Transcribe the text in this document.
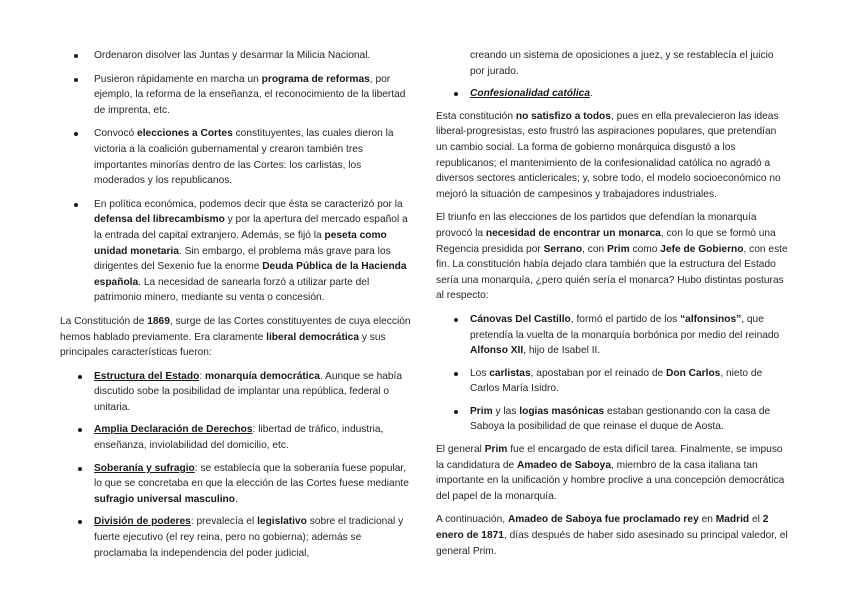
Ordenaron disolver las Juntas y desarmar la Milicia Nacional.
Pusieron rápidamente en marcha un programa de reformas, por ejemplo, la reforma de la enseñanza, el reconocimiento de la libertad de imprenta, etc.
Convocó elecciones a Cortes constituyentes, las cuales dieron la victoria a la coalición gubernamental y crearon también tres importantes minorías dentro de las Cortes: los carlistas, los moderados y los republicanos.
En política económica, podemos decir que ésta se caracterizó por la defensa del librecambismo y por la apertura del mercado español a la entrada del capital extranjero. Además, se fijó la peseta como unidad monetaria. Sin embargo, el problema más grave para los dirigentes del Sexenio fue la enorme Deuda Pública de la Hacienda española. La necesidad de sanearla forzó a utilizar parte del patrimonio minero, mediante su venta o concesión.

La Constitución de 1869, surge de las Cortes constituyentes de cuya elección hemos hablado previamente. Era claramente liberal democrática y sus principales características fueron:

Estructura del Estado: monarquía democrática. Aunque se había discutido sobe la posibilidad de implantar una república, federal o unitaria.
Amplia Declaración de Derechos: libertad de tráfico, industria, enseñanza, inviolabilidad del domicilio, etc.
Soberanía y sufragio: se establecía que la soberanía fuese popular, lo que se concretaba en que la elección de las Cortes fuese mediante sufragio universal masculino.
División de poderes: prevalecía el legislativo sobre el tradicional y fuerte ejecutivo (el rey reina, pero no gobierna); además se proclamaba la independencia del poder judicial,
creando un sistema de oposiciones a juez, y se restablecía el juicio por jurado.
Confesionalidad católica.

Esta constitución no satisfizo a todos, pues en ella prevalecieron las ideas liberal-progresistas, esto frustró las aspiraciones populares, que pretendían un cambio social. La forma de gobierno monárquica disgustó a los republicanos; el mantenimiento de la confesionalidad católica no agradó a diversos sectores anticlericales; y, sobre todo, el modelo socioeconómico no mejoró la situación de campesinos y trabajadores industriales.

El triunfo en las elecciones de los partidos que defendían la monarquía provocó la necesidad de encontrar un monarca, con lo que se formó una Regencia presidida por Serrano, con Prim como Jefe de Gobierno, con este fin. La constitución había dejado clara también que la estructura del Estado sería una monarquía, ¿pero quién sería el monarca? Hubo distintas posturas al respecto:

Cánovas Del Castillo, formó el partido de los “alfonsinos”, que pretendía la vuelta de la monarquía borbónica por medio del reinado Alfonso XII, hijo de Isabel II.
Los carlistas, apostaban por el reinado de Don Carlos, nieto de Carlos María Isidro.
Prim y las logias masónicas estaban gestionando con la casa de Saboya la posibilidad de que reinase el duque de Aosta.

El general Prim fue el encargado de esta difícil tarea. Finalmente, se impuso la candidatura de Amadeo de Saboya, miembro de la casa italiana tan importante en la unificación y hombre proclive a una concepción democrática del papel de la monarquía.

A continuación, Amadeo de Saboya fue proclamado rey en Madrid el 2 enero de 1871, días después de haber sido asesinado su principal valedor, el general Prim.
